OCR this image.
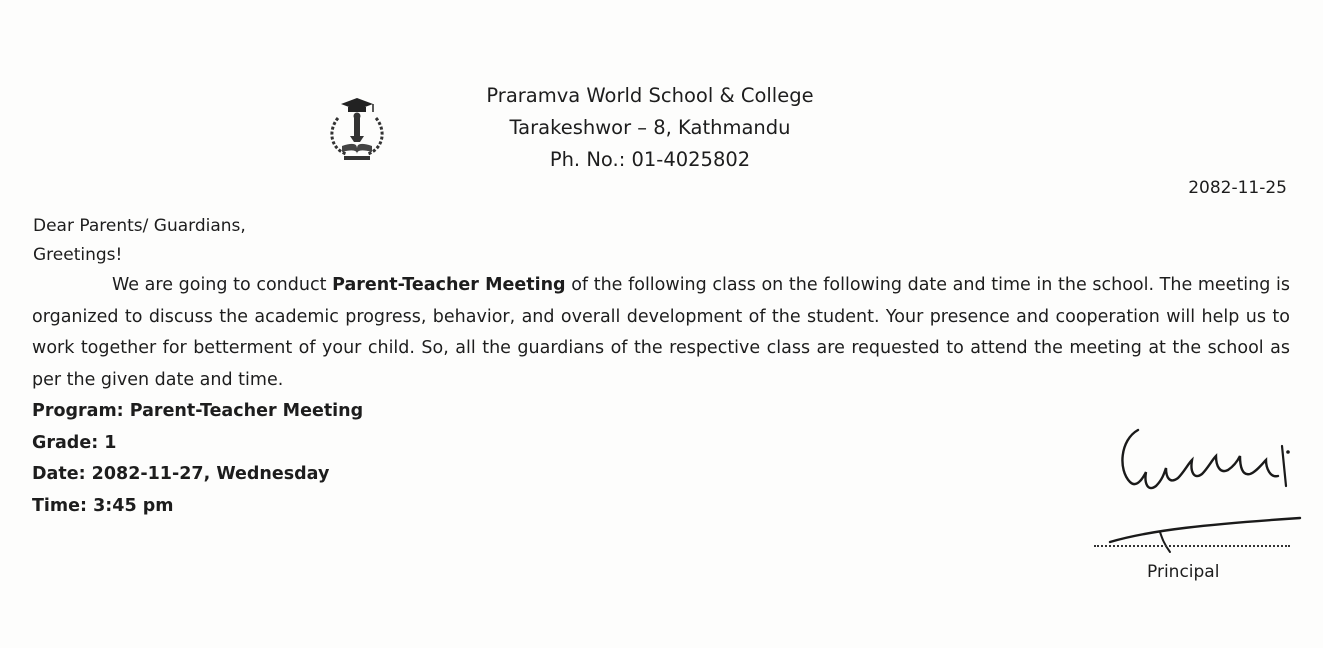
Praramva World School & College
Tarakeshwor – 8, Kathmandu
Ph. No.: 01-4025802
2082-11-25
Dear Parents/ Guardians,
Greetings!
We are going to conduct Parent-Teacher Meeting of the following class on the following date and time in the school. The meeting is organized to discuss the academic progress, behavior, and overall development of the student. Your presence and cooperation will help us to work together for betterment of your child. So, all the guardians of the respective class are requested to attend the meeting at the school as per the given date and time.
Program: Parent-Teacher Meeting
Grade: 1
Date: 2082-11-27, Wednesday
Time: 3:45 pm
Principal
